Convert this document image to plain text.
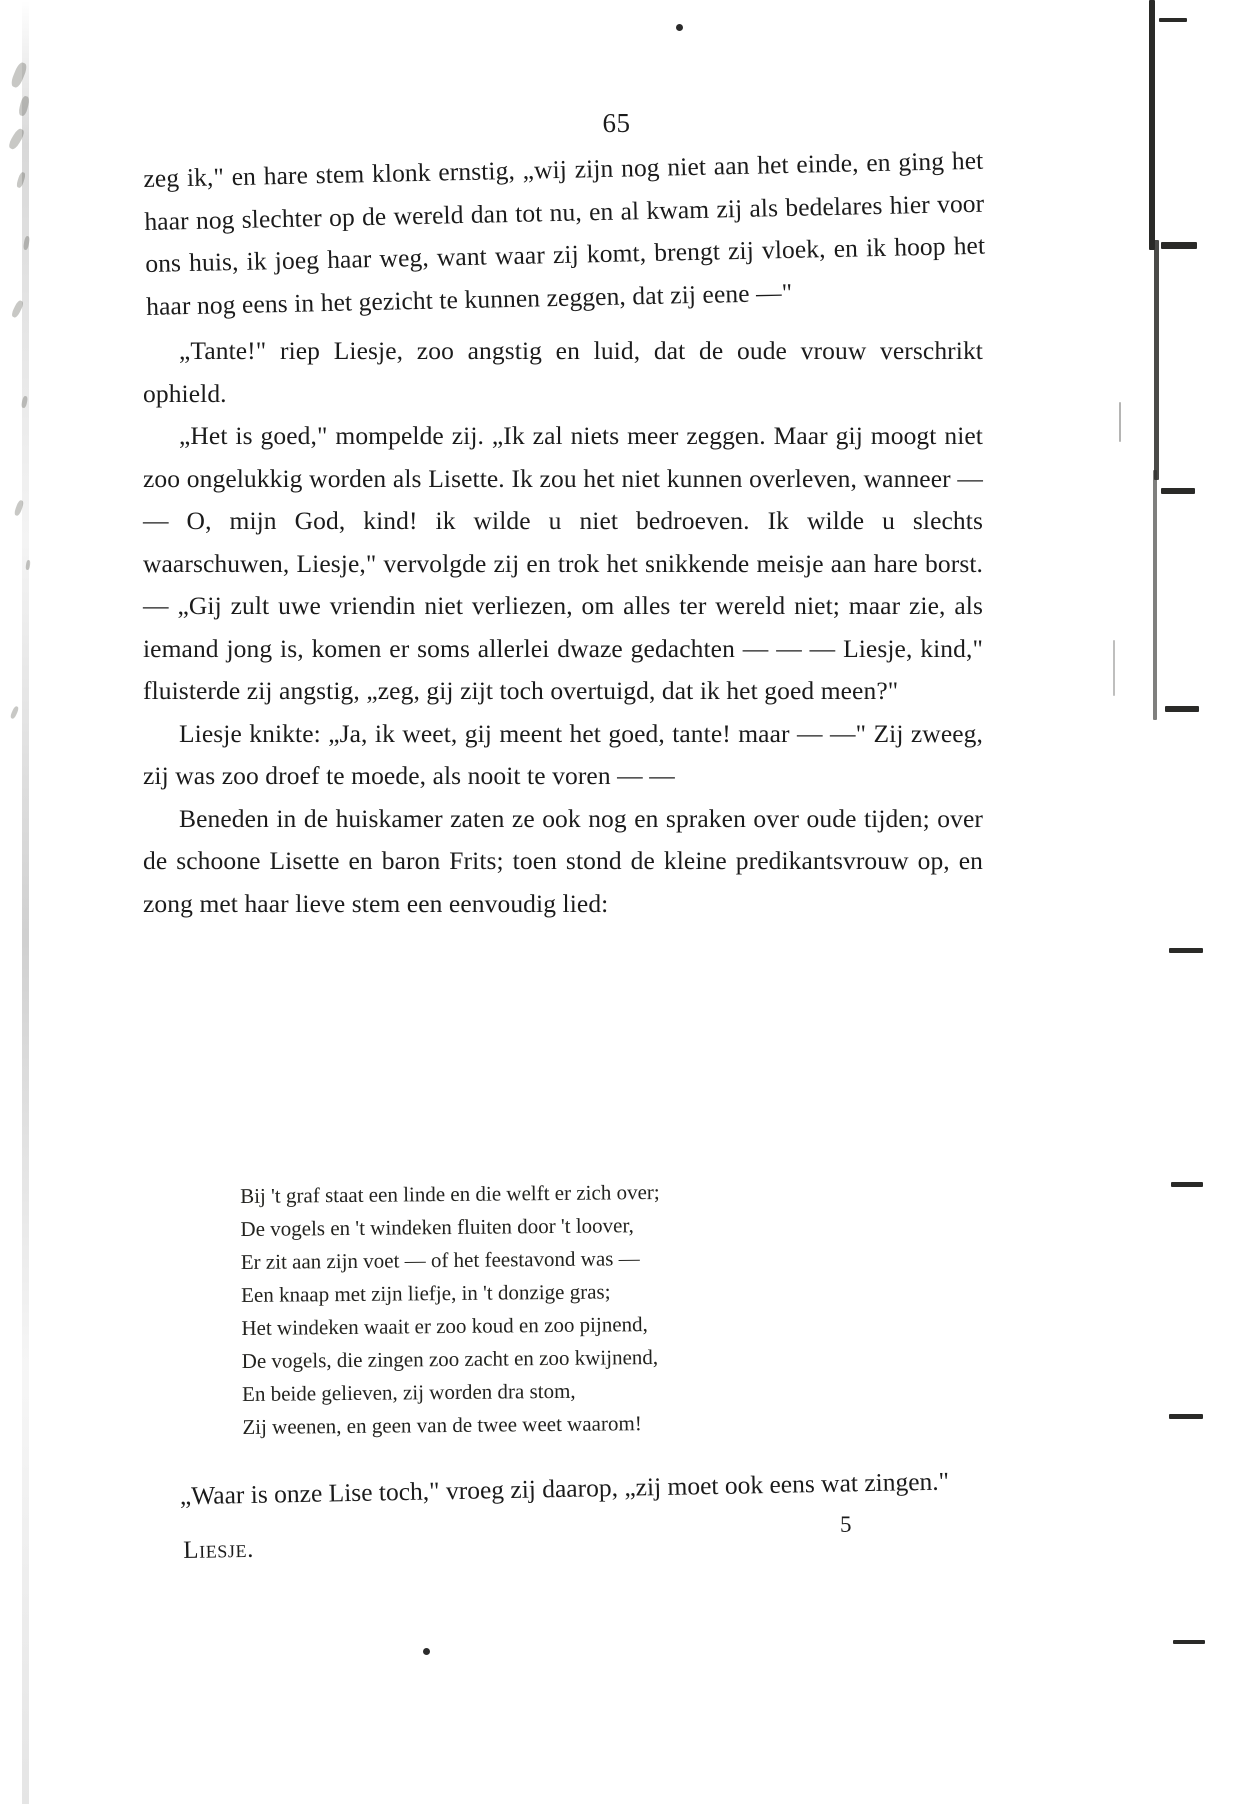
65

zeg ik," en hare stem klonk ernstig, „wij zijn nog niet aan het einde, en ging het haar nog slechter op de wereld dan tot nu, en al kwam zij als bedelares hier voor ons huis, ik joeg haar weg, want waar zij komt, brengt zij vloek, en ik hoop het haar nog eens in het gezicht te kunnen zeggen, dat zij eene —"

„Tante!" riep Liesje, zoo angstig en luid, dat de oude vrouw verschrikt ophield.

„Het is goed," mompelde zij. „Ik zal niets meer zeggen. Maar gij moogt niet zoo ongelukkig worden als Lisette. Ik zou het niet kunnen overleven, wanneer — — O, mijn God, kind! ik wilde u niet bedroeven. Ik wilde u slechts waarschuwen, Liesje," vervolgde zij en trok het snikkende meisje aan hare borst. — „Gij zult uwe vriendin niet verliezen, om alles ter wereld niet; maar zie, als iemand jong is, komen er soms allerlei dwaze gedachten — — — Liesje, kind," fluisterde zij angstig, „zeg, gij zijt toch overtuigd, dat ik het goed meen?"

Liesje knikte: „Ja, ik weet, gij meent het goed, tante! maar — —" Zij zweeg, zij was zoo droef te moede, als nooit te voren — —

Beneden in de huiskamer zaten ze ook nog en spraken over oude tijden; over de schoone Lisette en baron Frits; toen stond de kleine predikantsvrouw op, en zong met haar lieve stem een eenvoudig lied:

Bij 't graf staat een linde en die welft er zich over;
De vogels en 't windeken fluiten door 't loover,
Er zit aan zijn voet — of het feestavond was —
Een knaap met zijn liefje, in 't donzige gras;
Het windeken waait er zoo koud en zoo pijnend,
De vogels, die zingen zoo zacht en zoo kwijnend,
En beide gelieven, zij worden dra stom,
Zij weenen, en geen van de twee weet waarom!

„Waar is onze Lise toch," vroeg zij daarop, „zij moet ook eens wat zingen."

5
Liesje.
